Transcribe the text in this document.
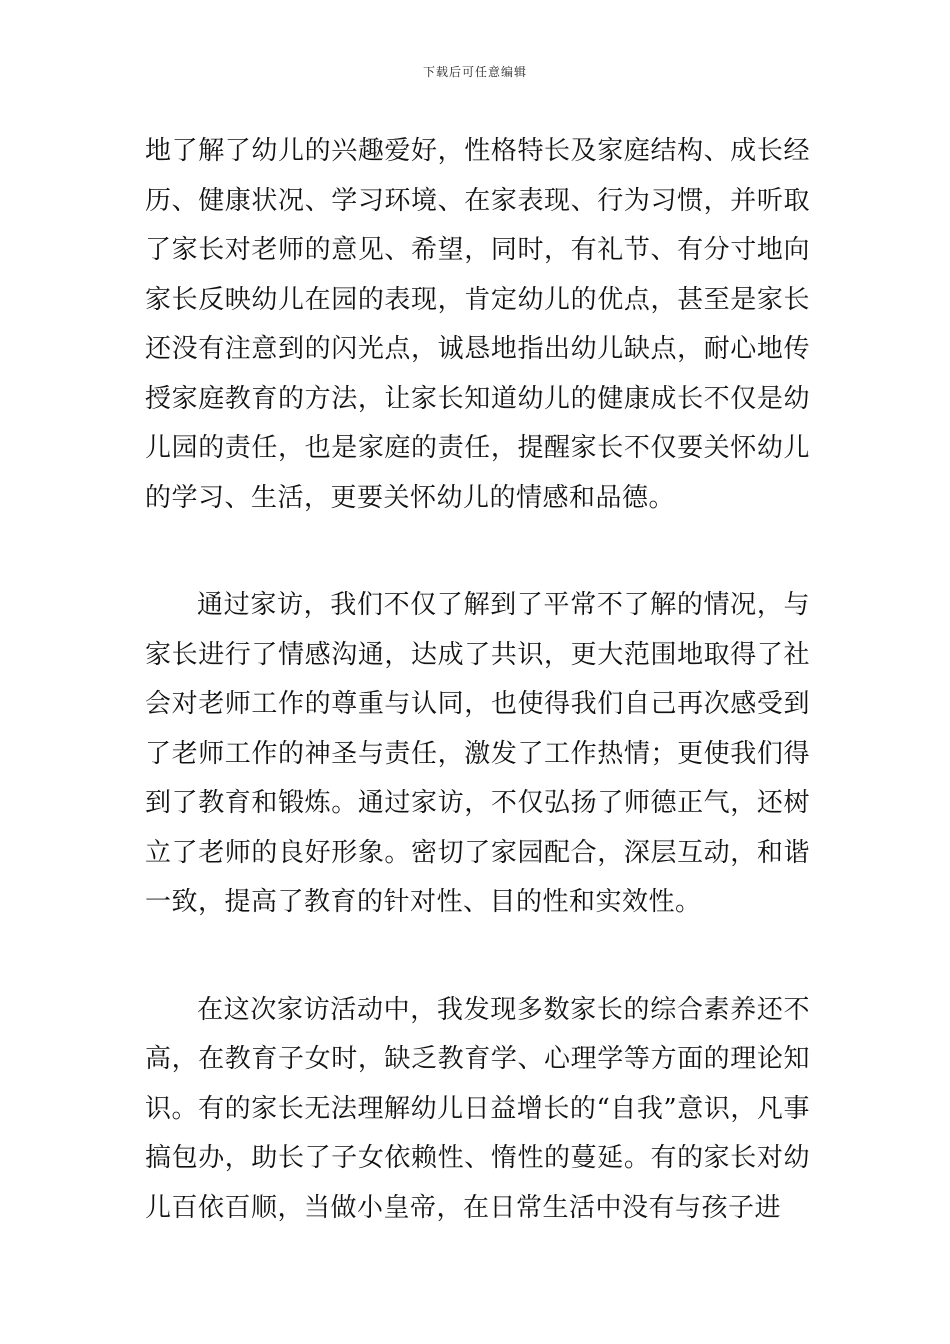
下载后可任意编辑

地了解了幼儿的兴趣爱好，性格特长及家庭结构、成长经历、健康状况、学习环境、在家表现、行为习惯，并听取了家长对老师的意见、希望，同时，有礼节、有分寸地向家长反映幼儿在园的表现，肯定幼儿的优点，甚至是家长还没有注意到的闪光点，诚恳地指出幼儿缺点，耐心地传授家庭教育的方法，让家长知道幼儿的健康成长不仅是幼儿园的责任，也是家庭的责任，提醒家长不仅要关怀幼儿的学习、生活，更要关怀幼儿的情感和品德。

通过家访，我们不仅了解到了平常不了解的情况，与家长进行了情感沟通，达成了共识，更大范围地取得了社会对老师工作的尊重与认同，也使得我们自己再次感受到了老师工作的神圣与责任，激发了工作热情；更使我们得到了教育和锻炼。通过家访，不仅弘扬了师德正气，还树立了老师的良好形象。密切了家园配合，深层互动，和谐一致，提高了教育的针对性、目的性和实效性。

在这次家访活动中，我发现多数家长的综合素养还不高，在教育子女时，缺乏教育学、心理学等方面的理论知识。有的家长无法理解幼儿日益增长的“自我”意识，凡事搞包办，助长了子女依赖性、惰性的蔓延。有的家长对幼儿百依百顺，当做小皇帝，在日常生活中没有与孩子进
